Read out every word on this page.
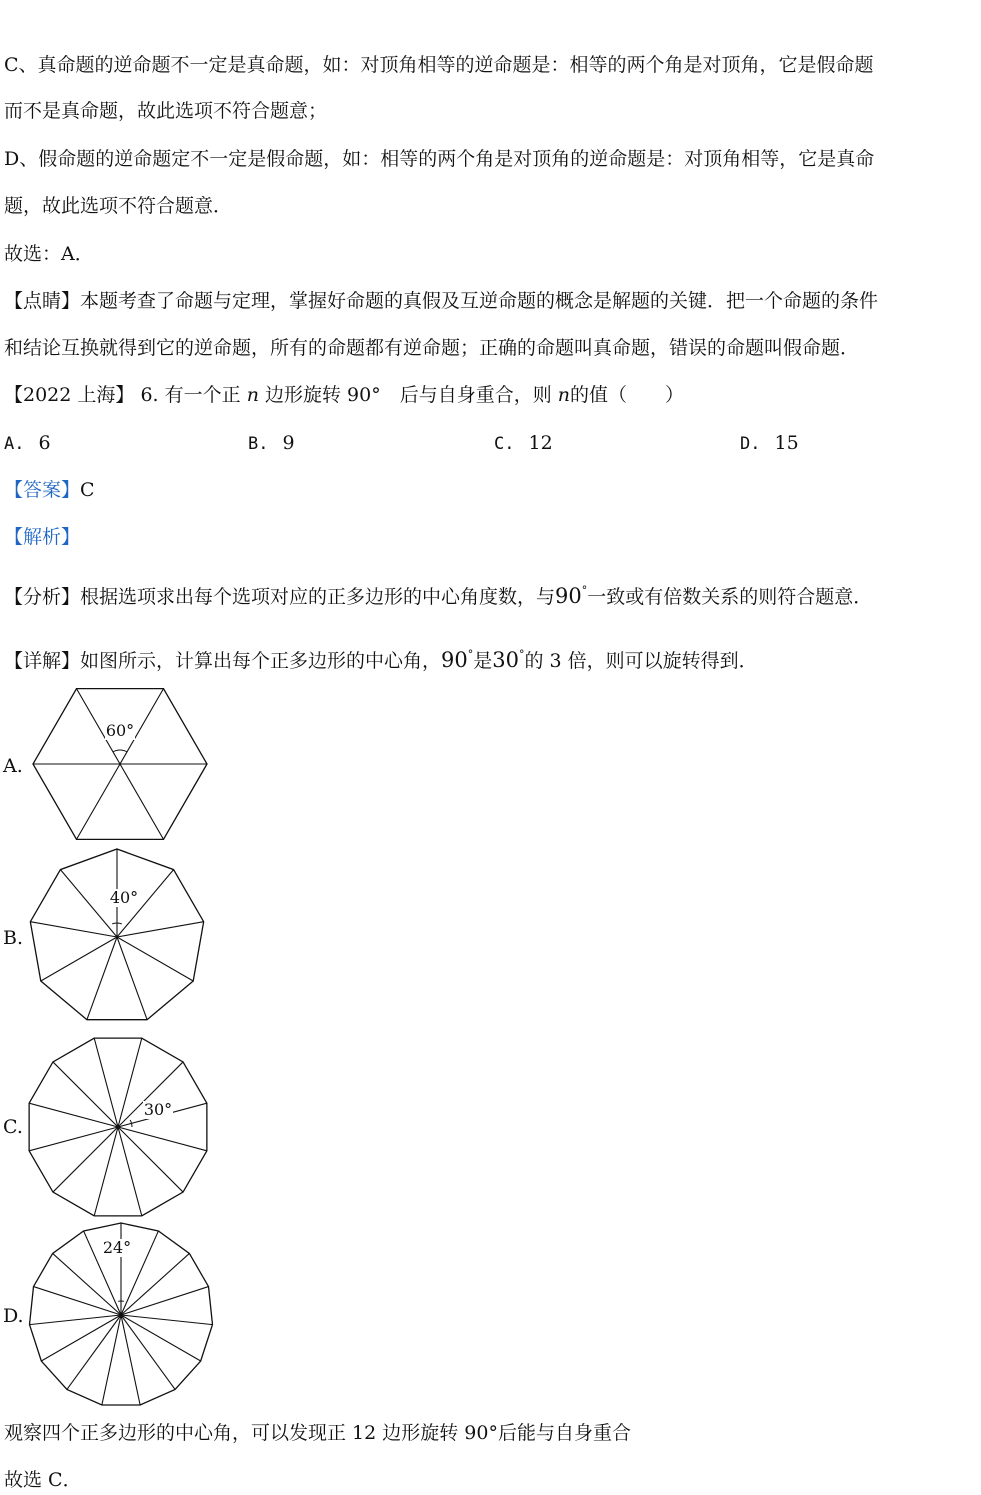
C、真命题的逆命题不一定是真命题，如：对顶角相等的逆命题是：相等的两个角是对顶角，它是假命题
而不是真命题，故此选项不符合题意；
D、假命题的逆命题定不一定是假命题，如：相等的两个角是对顶角的逆命题是：对顶角相等，它是真命
题，故此选项不符合题意．
故选：A．
【点睛】本题考查了命题与定理，掌握好命题的真假及互逆命题的概念是解题的关键．把一个命题的条件
和结论互换就得到它的逆命题，所有的命题都有逆命题；正确的命题叫真命题，错误的命题叫假命题．
【2022 上海】 6. 有一个正 n 边形旋转 90°　后与自身重合，则 n的值（　　）
A. 6	B. 9	C. 12	D. 15
【答案】C
【解析】
【分析】根据选项求出每个选项对应的正多边形的中心角度数，与90°一致或有倍数关系的则符合题意．
【详解】如图所示，计算出每个正多边形的中心角，90°是30°的 3 倍，则可以旋转得到．
A.
60°
B.
40°
C.
30°
D.
24°
观察四个正多边形的中心角，可以发现正 12 边形旋转 90°后能与自身重合
故选 C．
